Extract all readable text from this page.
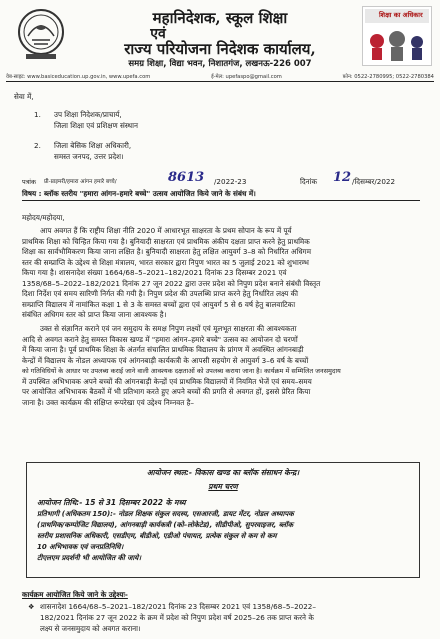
शिक्षा का अधिकार
महानिदेशक, स्कूल शिक्षा
एवं
राज्य परियोजना निदेशक कार्यालय,
समग्र शिक्षा, विद्या भवन, निशातगंज, लखनऊ-226 007
वेब-साइट: www.basiceducation.up.gov.in, www.upefa.com	ई-मेल: upefaspo@gmail.com	फ़ोन: 0522-2780995; 0522-2780384
सेवा में,
1. उप शिक्षा निदेशक/प्राचार्य,
जिला शिक्षा एवं प्रशिक्षण संस्थान
2. जिला बेसिक शिक्षा अधिकारी,
समस्त जनपद, उत्तर प्रदेश।
पत्रांक प्री-प्राइमरी/हमारा आंगन हमारे बच्चे/	8613 /2022-23	दिनांक 12 /दिसम्बर/2022
विषय : ब्लॉक स्तरीय "हमारा आंगन–हमारे बच्चे" उत्सव आयोजित किये जाने के संबंध में।
महोदय/महोदया,
आप अवगत हैं कि राष्ट्रीय शिक्षा नीति 2020 में आधारभूत साक्षरता के प्रथम सोपान के रूप में पूर्व
प्राथमिक शिक्षा को चिन्हित किया गया है। बुनियादी साक्षरता एवं प्राथमिक अंकीय दक्षता प्राप्त करने हेतु प्राथमिक
शिक्षा का सार्वभौमिकरण किया जाना लक्षित है। बुनियादी साक्षरता हेतु लक्षित आयुवर्ग 3–8 को निर्धारित अधिगम
स्तर की सम्प्राप्ति के उद्देश्य से शिक्षा मंत्रालय, भारत सरकार द्वारा निपुण भारत का 5 जुलाई 2021 को शुभारम्भ
किया गया है। शासनादेश संख्या 1664/68–5–2021–182/2021 दिनांक 23 दिसम्बर 2021 एवं
1358/68–5–2022–182/2021 दिनांक 27 जून 2022 द्वारा उत्तर प्रदेश को निपुण प्रदेश बनाने संबंधी विस्तृत
दिशा निर्देश एवं समय सारिणी निर्गत की गयी है। निपुण प्रदेश की उपलब्धि प्राप्त करने हेतु निर्धारित लक्ष्य की
सम्प्राप्ति विद्यालय में नामांकित कक्षा 1 से 3 के समस्त बच्चों द्वारा एवं आयुवर्ग 5 से 6 वर्ष हेतु बालवाटिका
संबंधित अधिगम स्तर को प्राप्त किया जाना आवश्यक है।
उक्त से संज्ञानित कराने एवं जन समुदाय के समक्ष निपुण लक्ष्यों एवं मूलभूत साक्षरता की आवश्यकता
आदि से अवगत कराने हेतु समस्त विकास खण्ड में "हमारा आंगन–हमारे बच्चे" उत्सव का आयोजन दो चरणों
में किया जाना है। पूर्व प्राथमिक शिक्षा के अंतर्गत संचालित प्राथमिक विद्यालय के प्रांगण में अवस्थित आंगनबाड़ी
केन्द्रों में विद्यालय के नोडल अध्यापक एवं आंगनबाड़ी कार्यकत्री के आपसी सहयोग से आयुवर्ग 3–6 वर्ष के बच्चों
को गतिविधियों के आधार पर उपलब्ध कराई जाने वाली आवश्यक दक्षताओं को उपलब्ध कराया जाना है। कार्यक्रम में सम्मिलित जनसमुदाय
में उपस्थित अभिभावक अपने बच्चों की आंगनबाड़ी केन्द्रों एवं प्राथमिक विद्यालयों में नियमित भेजें एवं समय–समय
पर आयोजित अभिभावक बैठकों में भी प्रतिभाग करते हुए अपने बच्चों की प्रगति से अवगत हों, इससे प्रेरित किया
जाना है। उक्त कार्यक्रम की संक्षिप्त रूपरेखा एवं उद्देश्य निम्नवत है–
आयोजन स्थल:- विकास खण्ड का ब्लॉक संसाधन केन्द्र।
प्रथम चरण
आयोजन तिथि:- 15 से 31 दिसम्बर 2022 के मध्य
प्रतिभागी (अधिकतम 150):- नोडल शिक्षक संकुल सदस्य, एसआरजी, डायट मेंटर, नोडल अध्यापक
(प्राथमिक/कम्पोजिट विद्यालय), आंगनबाड़ी कार्यकत्री (को–लोकेटेड), सीडीपीओ, सुपरवाइजर, ब्लॉक
स्तरीय प्रशासनिक अधिकारी, एसडीएम, बीडीओ, एडीओ पंचायत, प्रत्येक संकुल से कम से कम
10 अभिभावक एवं जनप्रतिनिधि।
टीएलएम प्रदर्शनी भी आयोजित की जाये।
कार्यक्रम आयोजित किये जाने के उद्देश्यः-
❖ शासनादेश 1664/68–5–2021–182/2021 दिनांक 23 दिसम्बर 2021 एवं 1358/68–5–2022–
182/2021 दिनांक 27 जून 2022 के क्रम में प्रदेश को निपुण प्रदेश वर्ष 2025–26 तक प्राप्त करने के
लक्ष्य से जनसमुदाय को अवगत कराना।
